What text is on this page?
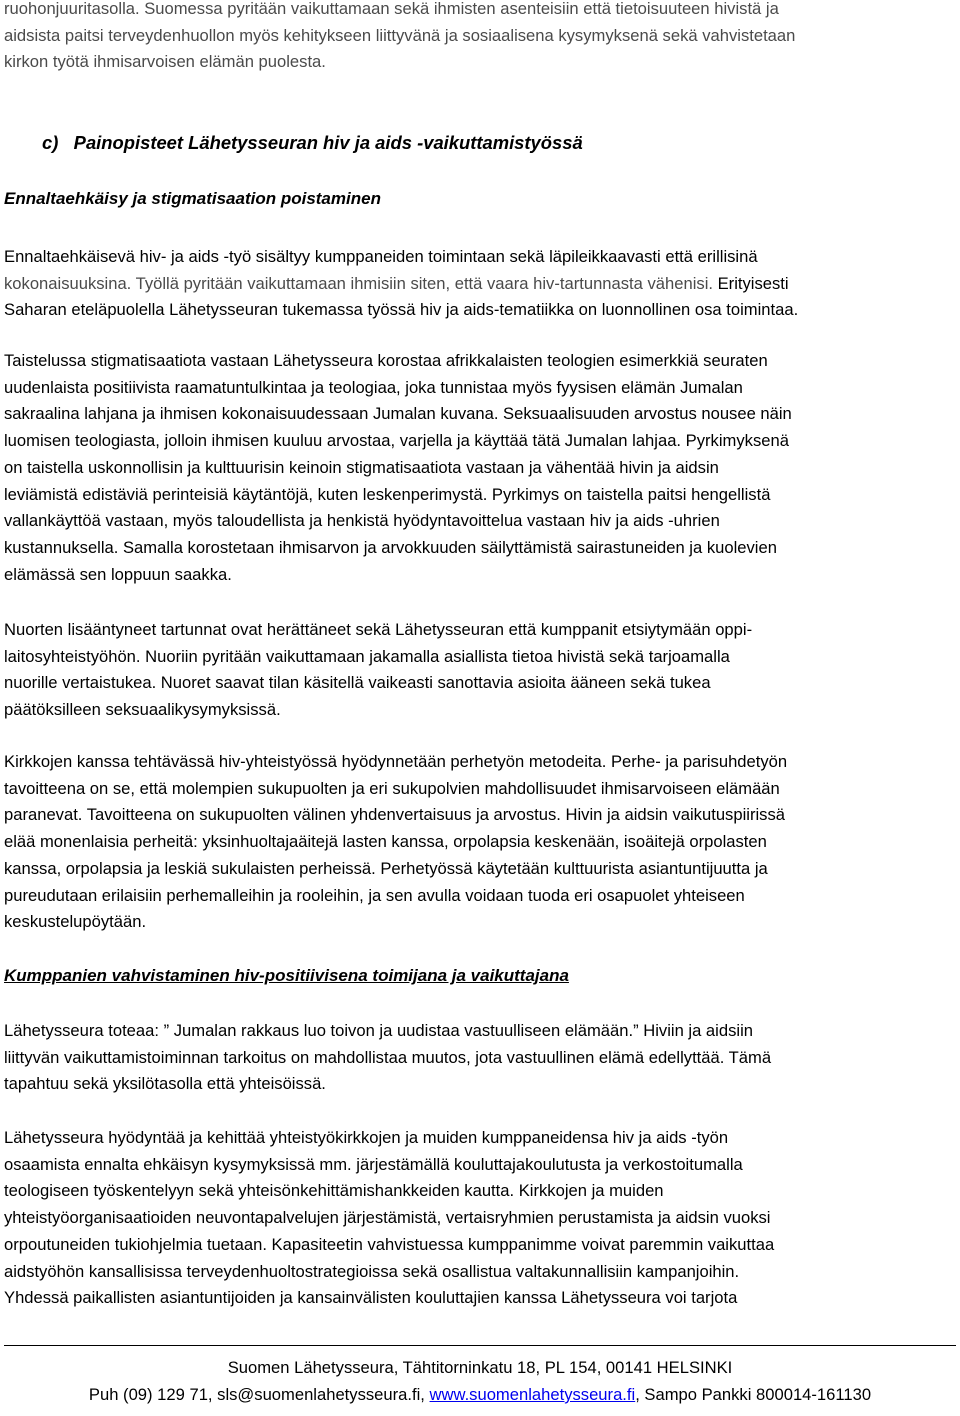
ruohonjuuritasolla. Suomessa pyritään vaikuttamaan sekä ihmisten asenteisiin että tietoisuuteen hivistä ja

aidsista paitsi terveydenhuollon myös kehitykseen liittyvänä ja sosiaalisena kysymyksenä sekä vahvistetaan

kirkon työtä ihmisarvoisen elämän puolesta.

c)   Painopisteet Lähetysseuran hiv ja aids -vaikuttamistyössä

Ennaltaehkäisy ja stigmatisaation poistaminen

Ennaltaehkäisevä hiv- ja aids -työ sisältyy kumppaneiden toimintaan sekä läpileikkaavasti että erillisinä

kokonaisuuksina. Työllä pyritään vaikuttamaan ihmisiin siten, että vaara hiv-tartunnasta vähenisi. Erityisesti

Saharan eteläpuolella Lähetysseuran tukemassa työssä hiv ja aids-tematiikka on luonnollinen osa toimintaa.

Taistelussa stigmatisaatiota vastaan Lähetysseura korostaa afrikkalaisten teologien esimerkkiä seuraten

uudenlaista positiivista raamatuntulkintaa ja teologiaa, joka tunnistaa myös fyysisen elämän Jumalan

sakraalina lahjana ja ihmisen kokonaisuudessaan Jumalan kuvana. Seksuaalisuuden arvostus nousee näin

luomisen teologiasta, jolloin ihmisen kuuluu arvostaa, varjella ja käyttää tätä Jumalan lahjaa. Pyrkimyksenä

on taistella uskonnollisin ja kulttuurisin keinoin stigmatisaatiota vastaan ja vähentää hivin ja aidsin

leviämistä edistäviä perinteisiä käytäntöjä, kuten leskenperimystä. Pyrkimys on taistella paitsi hengellistä

vallankäyttöä vastaan, myös taloudellista ja henkistä hyödyntavoittelua vastaan hiv ja aids -uhrien

kustannuksella. Samalla korostetaan ihmisarvon ja arvokkuuden säilyttämistä sairastuneiden ja kuolevien

elämässä sen loppuun saakka.

Nuorten lisääntyneet tartunnat ovat herättäneet sekä Lähetysseuran että kumppanit etsiytymään oppi-

laitosyhteistyöhön. Nuoriin pyritään vaikuttamaan jakamalla asiallista tietoa hivistä sekä tarjoamalla

nuorille vertaistukea. Nuoret saavat tilan käsitellä vaikeasti sanottavia asioita ääneen sekä tukea

päätöksilleen seksuaalikysymyksissä.

Kirkkojen kanssa tehtävässä hiv-yhteistyössä hyödynnetään perhetyön metodeita. Perhe- ja parisuhdetyön

tavoitteena on se, että molempien sukupuolten ja eri sukupolvien mahdollisuudet ihmisarvoiseen elämään

paranevat. Tavoitteena on sukupuolten välinen yhdenvertaisuus ja arvostus. Hivin ja aidsin vaikutuspiirissä

elää monenlaisia perheitä: yksinhuoltajaäitejä lasten kanssa, orpolapsia keskenään, isoäitejä orpolasten

kanssa, orpolapsia ja leskiä sukulaisten perheissä. Perhetyössä käytetään kulttuurista asiantuntijuutta ja

pureudutaan erilaisiin perhemalleihin ja rooleihin, ja sen avulla voidaan tuoda eri osapuolet yhteiseen

keskustelupöytään.

Kumppanien vahvistaminen hiv-positiivisena toimijana ja vaikuttajana

Lähetysseura toteaa: ” Jumalan rakkaus luo toivon ja uudistaa vastuulliseen elämään.” Hiviin ja aidsiin

liittyvän vaikuttamistoiminnan tarkoitus on mahdollistaa muutos, jota vastuullinen elämä edellyttää. Tämä

tapahtuu sekä yksilötasolla että yhteisöissä.

Lähetysseura hyödyntää ja kehittää yhteistyökirkkojen ja muiden kumppaneidensa hiv ja aids -työn

osaamista ennalta ehkäisyn kysymyksissä mm. järjestämällä kouluttajakoulutusta ja verkostoitumalla

teologiseen työskentelyyn sekä yhteisönkehittämishankkeiden kautta. Kirkkojen ja muiden

yhteistyöorganisaatioiden neuvontapalvelujen järjestämistä, vertaisryhmien perustamista ja aidsin vuoksi

orpoutuneiden tukiohjelmia tuetaan. Kapasiteetin vahvistuessa kumppanimme voivat paremmin vaikuttaa

aidstyöhön kansallisissa terveydenhuoltostrategioissa sekä osallistua valtakunnallisiin kampanjoihin.

Yhdessä paikallisten asiantuntijoiden ja kansainvälisten kouluttajien kanssa Lähetysseura voi tarjota

Suomen Lähetysseura, Tähtitorninkatu 18, PL 154, 00141 HELSINKI
Puh (09) 129 71, sls@suomenlahetysseura.fi, www.suomenlahetysseura.fi, Sampo Pankki 800014-161130
